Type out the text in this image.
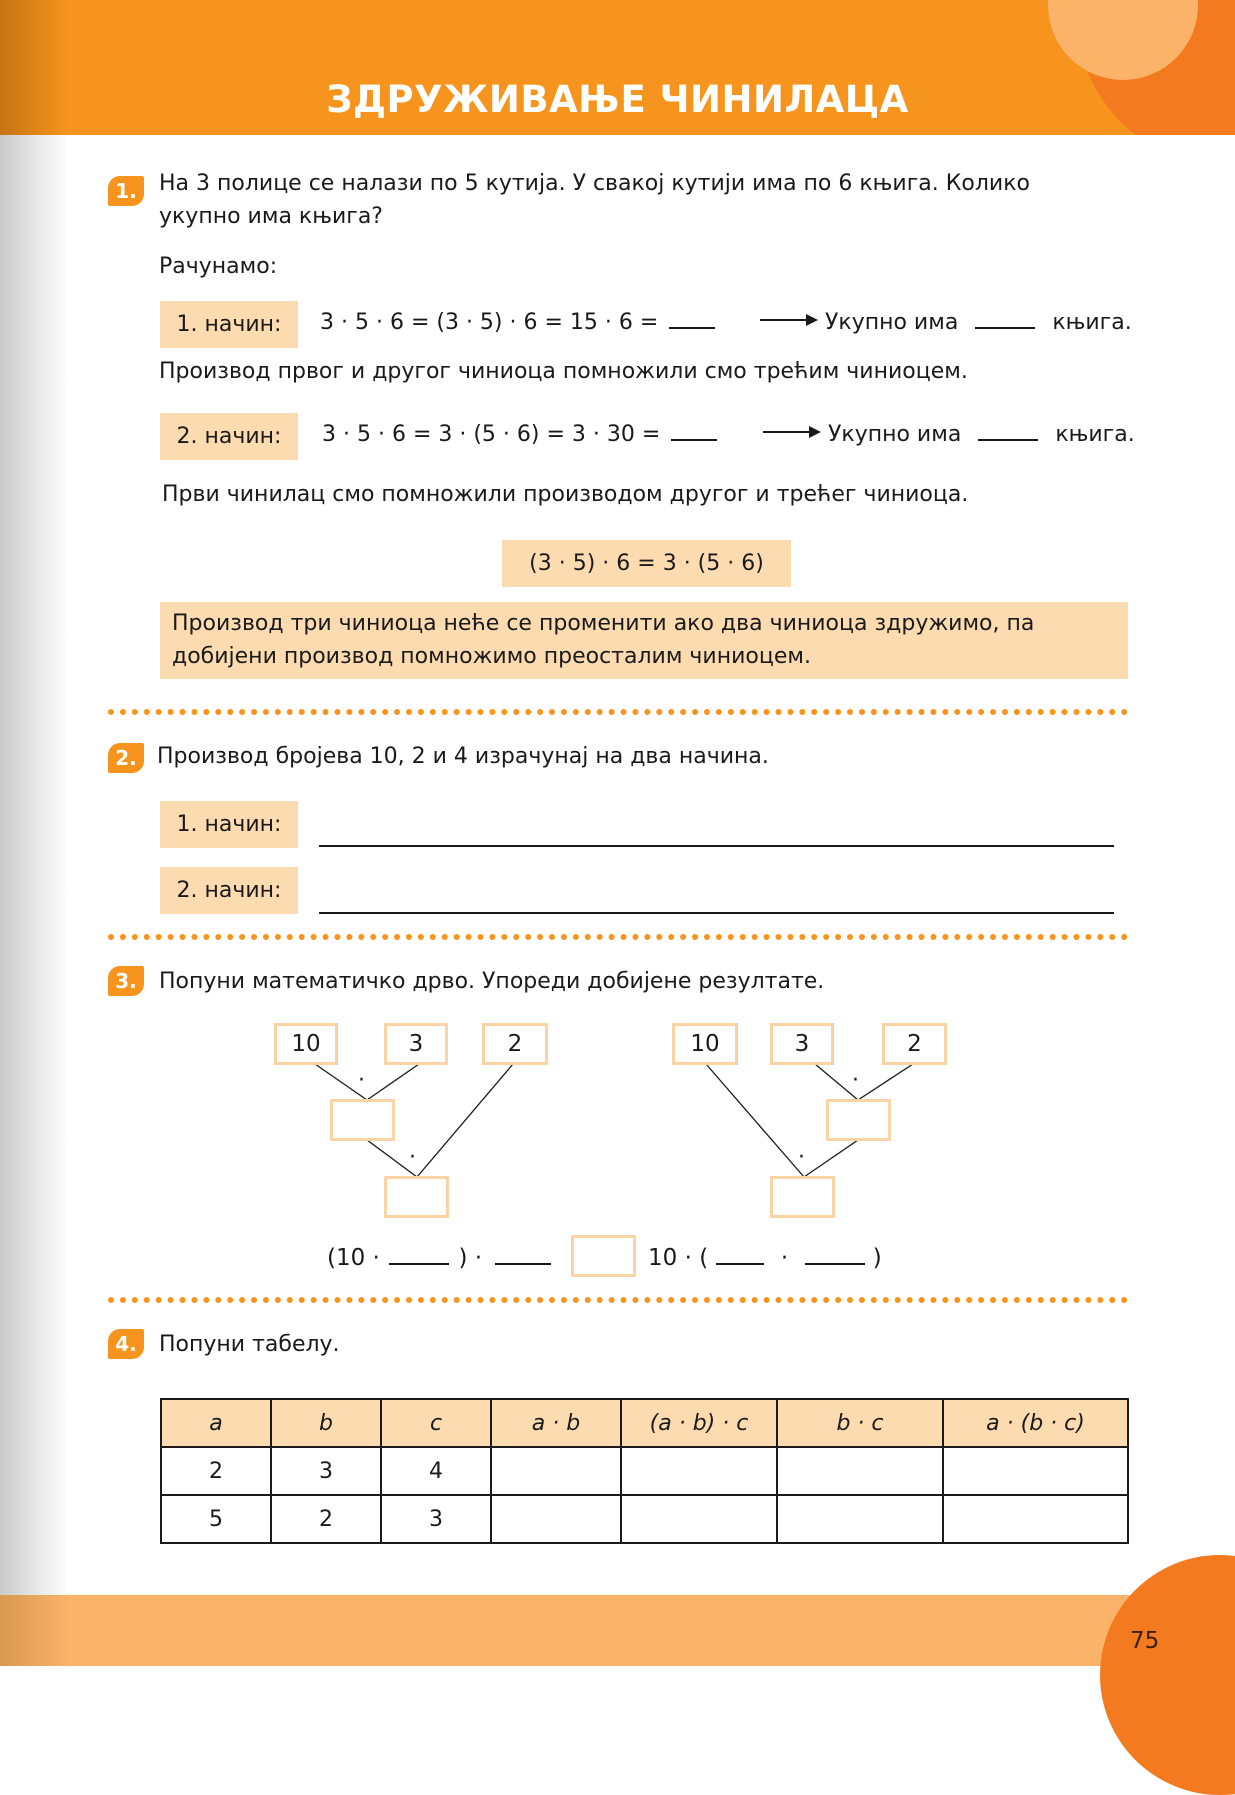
ЗДРУЖИВАЊЕ ЧИНИЛАЦА
1.	На 3 полице се налази по 5 кутија. У свакој кутији има по 6 књига. Колико
укупно има књига?
Рачунамо:
1. начин:	3 · 5 · 6 = (3 · 5) · 6 = 15 · 6 =	Укупно има	књига.
Производ првог и другог чиниоца помножили смо трећим чиниоцем.
2. начин:	3 · 5 · 6 = 3 · (5 · 6) = 3 · 30 =	Укупно има	књига.
Први чинилац смо помножили производом другог и трећег чиниоца.
(3 · 5) · 6 = 3 · (5 · 6)
Производ три чиниоца неће се променити ако два чиниоца здружимо, па
добијени производ помножимо преосталим чиниоцем.
2. Производ бројева 10, 2 и 4 израчунај на два начина.
1. начин:
2. начин:
3.	Попуни математичко дрво. Упореди добијене резултате.
10	3	2
·
·
10	3	2
·
·
(10 ·	) ·	10 · (	·	)
4.	Попуни табелу.
a	b	c	a · b	(a · b) · c	b · c	a · (b · c)
2	3	4				
5	2	3				
75
